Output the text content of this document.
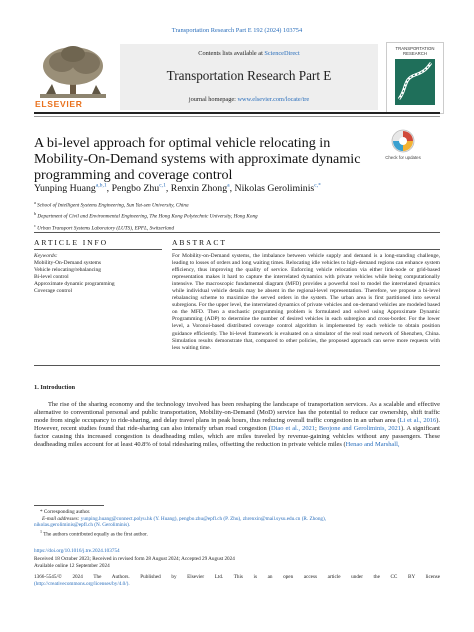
Transportation Research Part E 192 (2024) 103754
ELSEVIER
Contents lists available at ScienceDirect
Transportation Research Part E
journal homepage: www.elsevier.com/locate/tre
TRANSPORTATION RESEARCH
A bi-level approach for optimal vehicle relocating in Mobility-On-Demand systems with approximate dynamic programming and coverage control
Check for updates
Yunping Huang$^{a,b,1}$, Pengbo Zhu$^{c,1}$, Renxin Zhong$^a$, Nikolas Geroliminis$^{c,*}$
$^a$ School of Intelligent Systems Engineering, Sun Yat-sen University, China
$^b$ Department of Civil and Environmental Engineering, The Hong Kong Polytechnic University, Hong Kong
$^c$ Urban Transport Systems Laboratory (LUTS), EPFL, Switzerland
ARTICLE INFO
Keywords:
Mobility-On-Demand systems
Vehicle relocating/rebalancing
Bi-level control
Approximate dynamic programming
Coverage control
ABSTRACT
For Mobility-on-Demand systems, the imbalance between vehicle supply and demand is a long-standing challenge, leading to losses of orders and long waiting times. Relocating idle vehicles to high-demand regions can enhance system efficiency, thus improving the quality of service. Enforcing vehicle relocation via either link-node or grid-based representation makes it hard to capture the interrelated dynamics with private vehicles while being computationally intensive. The macroscopic fundamental diagram (MFD) provides a powerful tool to model the interrelated dynamics while individual vehicle details may be absent in the regional-level representation. Therefore, we propose a bi-level rebalancing scheme to maximize the served orders in the system. The urban area is first partitioned into several subregions. For the upper level, the interrelated dynamics of private vehicles and on-demand vehicles are modeled based on the MFD. Then a stochastic programming problem is formulated and solved using Approximate Dynamic Programming (ADP) to determine the number of desired vehicles in each subregion and cross-border. For the lower level, a Voronoi-based distributed coverage control algorithm is implemented by each vehicle to obtain position guidance efficiently. The bi-level framework is evaluated on a simulator of the real road network of Shenzhen, China. Simulation results demonstrate that, compared to other policies, the proposed approach can serve more requests with less waiting time.
1. Introduction
The rise of the sharing economy and the technology involved has been reshaping the landscape of transportation services. As a scalable and effective alternative to conventional personal and public transportation, Mobility-on-Demand (MoD) service has the potential to reduce car ownership, shift traffic mode from single occupancy to ride-sharing, and delay travel plans in peak hours, thus reducing overall traffic congestion in an urban area (Li et al., 2016). However, recent studies found that ride-sharing can also intensify urban road congestion (Diao et al., 2021; Beojone and Geroliminis, 2021). A significant factor causing this increased congestion is deadheading miles, which are miles traveled by revenue-gaining vehicles without any passengers. These deadheading miles account for at least 40.8% of total ridesharing miles, offsetting the reduction in private vehicle miles (Henao and Marshall,
* Corresponding author.
E-mail addresses: yunping.huang@connect.polyu.hk (Y. Huang), pengbo.zhu@epfl.ch (P. Zhu), zhrenxin@mail.sysu.edu.cn (R. Zhong),
nikolas.geroliminis@epfl.ch (N. Geroliminis).
$^1$ The authors contributed equally as the first author.
https://doi.org/10.1016/j.tre.2024.103754
Received 18 October 2023; Received in revised form 28 August 2024; Accepted 29 August 2024
Available online 12 September 2024
1366-5545/© 2024 The Authors. Published by Elsevier Ltd. This is an open access article under the CC BY license
(http://creativecommons.org/licenses/by/4.0/).
